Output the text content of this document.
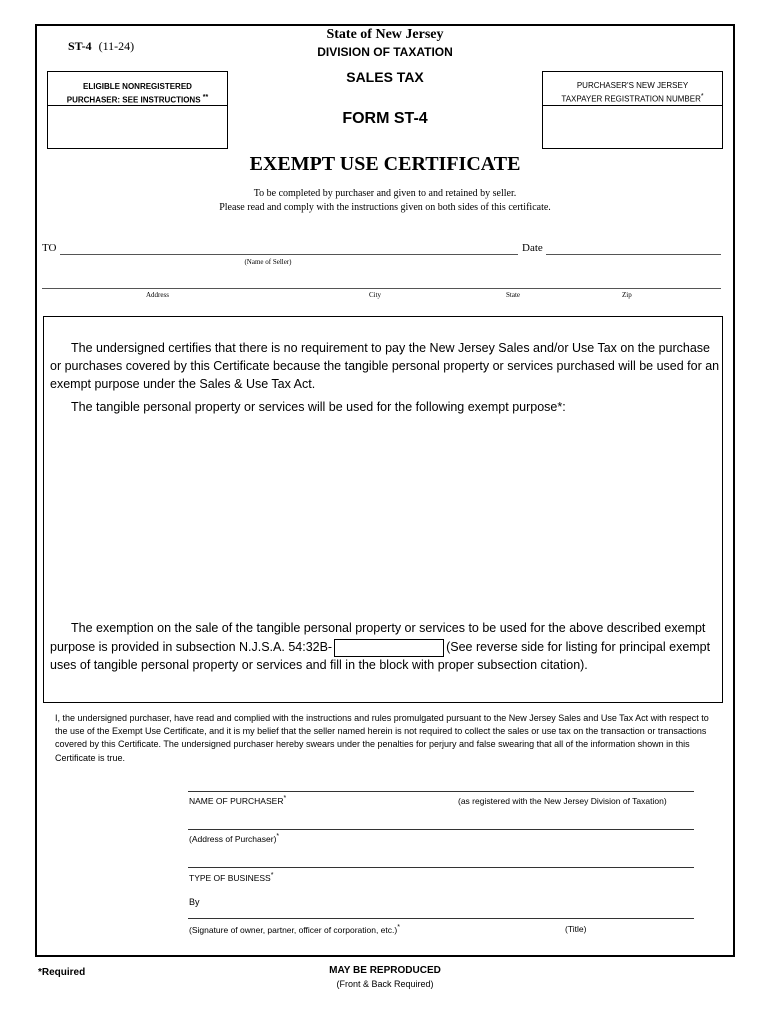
ST-4 (11-24)
State of New Jersey
DIVISION OF TAXATION
SALES TAX
FORM ST-4
ELIGIBLE NONREGISTERED
PURCHASER: SEE INSTRUCTIONS **
PURCHASER'S NEW JERSEY
TAXPAYER REGISTRATION NUMBER*
EXEMPT USE CERTIFICATE
To be completed by purchaser and given to and retained by seller.
Please read and comply with the instructions given on both sides of this certificate.
TO	Date
(Name of Seller)
Address	City	State	Zip
The undersigned certifies that there is no requirement to pay the New Jersey Sales and/or Use Tax on the purchase or purchases covered by this Certificate because the tangible personal property or services purchased will be used for an exempt purpose under the Sales & Use Tax Act.
The tangible personal property or services will be used for the following exempt purpose*:
The exemption on the sale of the tangible personal property or services to be used for the above described exempt
purpose is provided in subsection N.J.S.A. 54:32B-	(See reverse side for listing for principal exempt
uses of tangible personal property or services and fill in the block with proper subsection citation).
I, the undersigned purchaser, have read and complied with the instructions and rules promulgated pursuant to the New Jersey Sales and Use Tax Act with respect to the use of the Exempt Use Certificate, and it is my belief that the seller named herein is not required to collect the sales or use tax on the transaction or transactions covered by this Certificate. The undersigned purchaser hereby swears under the penalties for perjury and false swearing that all of the information shown in this Certificate is true.
NAME OF PURCHASER*	(as registered with the New Jersey Division of Taxation)
(Address of Purchaser)*
TYPE OF BUSINESS*
By
(Signature of owner, partner, officer of corporation, etc.)*	(Title)
*Required	MAY BE REPRODUCED
(Front & Back Required)
